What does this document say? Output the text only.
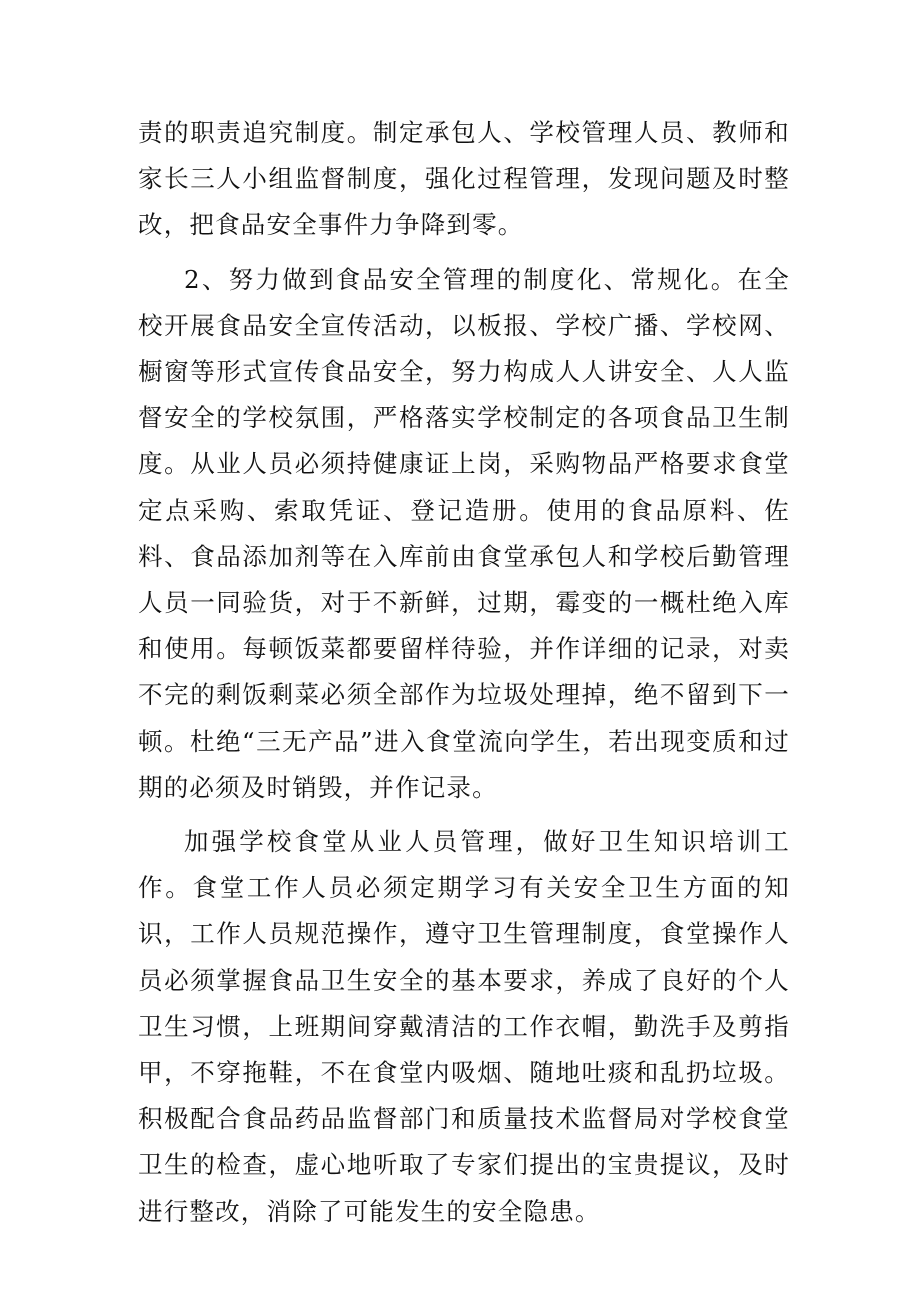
责的职责追究制度。制定承包人、学校管理人员、教师和家长三人小组监督制度，强化过程管理，发现问题及时整改，把食品安全事件力争降到零。

2、努力做到食品安全管理的制度化、常规化。在全校开展食品安全宣传活动，以板报、学校广播、学校网、橱窗等形式宣传食品安全，努力构成人人讲安全、人人监督安全的学校氛围，严格落实学校制定的各项食品卫生制度。从业人员必须持健康证上岗，采购物品严格要求食堂定点采购、索取凭证、登记造册。使用的食品原料、佐料、食品添加剂等在入库前由食堂承包人和学校后勤管理人员一同验货，对于不新鲜，过期，霉变的一概杜绝入库和使用。每顿饭菜都要留样待验，并作详细的记录，对卖不完的剩饭剩菜必须全部作为垃圾处理掉，绝不留到下一顿。杜绝“三无产品”进入食堂流向学生，若出现变质和过期的必须及时销毁，并作记录。

加强学校食堂从业人员管理，做好卫生知识培训工作。食堂工作人员必须定期学习有关安全卫生方面的知识，工作人员规范操作，遵守卫生管理制度，食堂操作人员必须掌握食品卫生安全的基本要求，养成了良好的个人卫生习惯，上班期间穿戴清洁的工作衣帽，勤洗手及剪指甲，不穿拖鞋，不在食堂内吸烟、随地吐痰和乱扔垃圾。积极配合食品药品监督部门和质量技术监督局对学校食堂卫生的检查，虚心地听取了专家们提出的宝贵提议，及时进行整改，消除了可能发生的安全隐患。
